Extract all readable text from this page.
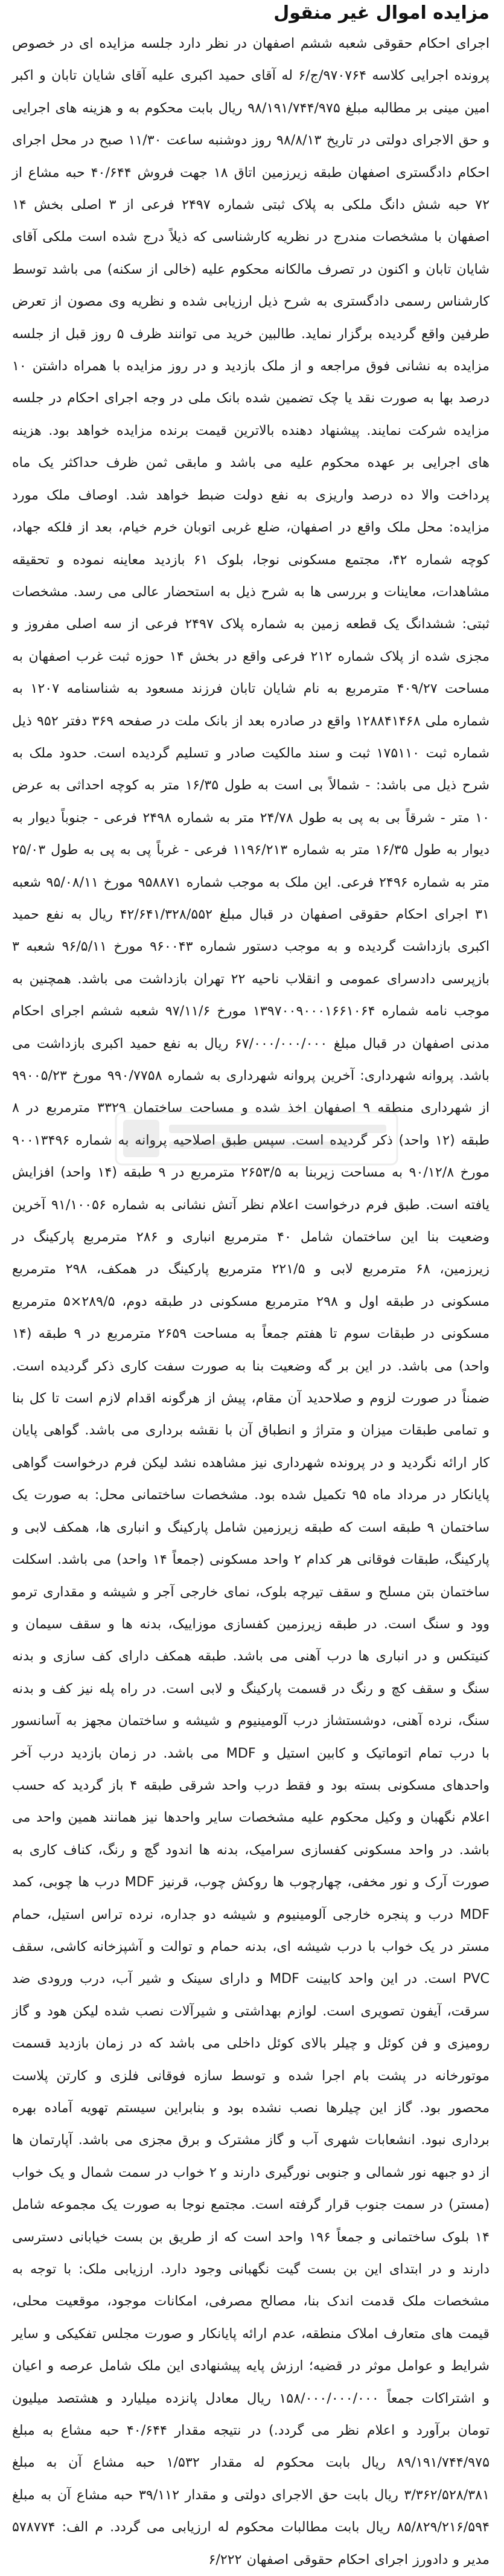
مزایده اموال غیر منقول

اجرای احکام حقوقی شعبه ششم اصفهان در نظر دارد جلسه مزایده ای در خصوص پرونده اجرایی کلاسه ۹۷۰۷۶۴/ج/۶ له آقای حمید اکبری علیه آقای شایان تابان و اکبر امین مینی بر مطالبه مبلغ ۹۸/۱۹۱/۷۴۴/۹۷۵ ریال بابت محکوم به و هزینه های اجرایی و حق الاجرای دولتی در تاریخ ۹۸/۸/۱۳ روز دوشنبه ساعت ۱۱/۳۰ صبح در محل اجرای احکام دادگستری اصفهان طبقه زیرزمین اتاق ۱۸ جهت فروش ۴۰/۶۴۴ حبه مشاع از ۷۲ حبه شش دانگ ملکی به پلاک ثبتی شماره ۲۴۹۷ فرعی از ۳ اصلی بخش ۱۴ اصفهان با مشخصات مندرج در نظریه کارشناسی که ذیلاً درج شده است ملکی آقای شایان تابان و اکنون در تصرف مالکانه محکوم علیه (خالی از سکنه) می باشد توسط کارشناس رسمی دادگستری به شرح ذیل ارزیابی شده و نظریه وی مصون از تعرض طرفین واقع گردیده برگزار نماید. طالبین خرید می توانند ظرف ۵ روز قبل از جلسه مزایده به نشانی فوق مراجعه و از ملک بازدید و در روز مزایده با همراه داشتن ۱۰ درصد بها به صورت نقد یا چک تضمین شده بانک ملی در وجه اجرای احکام در جلسه مزایده شرکت نمایند. پیشنهاد دهنده بالاترین قیمت برنده مزایده خواهد بود. هزینه های اجرایی بر عهده محکوم علیه می باشد و مابقی ثمن ظرف حداکثر یک ماه پرداخت والا ده درصد واریزی به نفع دولت ضبط خواهد شد. اوصاف ملک مورد مزایده: محل ملک واقع در اصفهان، ضلع غربی اتوبان خرم خیام، بعد از فلکه جهاد، کوچه شماره ۴۲، مجتمع مسکونی نوجا، بلوک ۶۱ بازدید معاینه نموده و تحقیقه مشاهدات، معاینات و بررسی ها به شرح ذیل به استحضار عالی می رسد. مشخصات ثبتی: ششدانگ یک قطعه زمین به شماره پلاک ۲۴۹۷ فرعی از سه اصلی مفروز و مجزی شده از پلاک شماره ۲۱۲ فرعی واقع در بخش ۱۴ حوزه ثبت غرب اصفهان به مساحت ۴۰۹/۲۷ مترمربع به نام شایان تابان فرزند مسعود به شناسنامه ۱۲۰۷ به شماره ملی ۱۲۸۸۴۱۴۶۸ واقع در صادره بعد از بانک ملت در صفحه ۳۶۹ دفتر ۹۵۲ ذیل شماره ثبت ۱۷۵۱۱۰ ثبت و سند مالکیت صادر و تسلیم گردیده است. حدود ملک به شرح ذیل می باشد: - شمالاً بی است به طول ۱۶/۳۵ متر به کوچه احداثی به عرض ۱۰ متر - شرقاً بی به پی به طول ۲۴/۷۸ متر به شماره ۲۴۹۸ فرعی - جنوباً دیوار به دیوار به طول ۱۶/۳۵ متر به شماره ۱۱۹۶/۲۱۳ فرعی - غرباً پی به پی به طول ۲۵/۰۳ متر به شماره ۲۴۹۶ فرعی. این ملک به موجب شماره ۹۵۸۸۷۱ مورخ ۹۵/۰۸/۱۱ شعبه ۳۱ اجرای احکام حقوقی اصفهان در قبال مبلغ ۴۲/۶۴۱/۳۲۸/۵۵۲ ریال به نفع حمید اکبری بازداشت گردیده و به موجب دستور شماره ۹۶۰۰۴۳ مورخ ۹۶/۵/۱۱ شعبه ۳ بازپرسی دادسرای عمومی و انقلاب ناحیه ۲۲ تهران بازداشت می باشد. همچنین به موجب نامه شماره ۱۳۹۷۰۰۹۰۰۰۱۶۶۱۰۶۴ مورخ ۹۷/۱۱/۶ شعبه ششم اجرای احکام مدنی اصفهان در قبال مبلغ ۶۷/۰۰۰/۰۰۰/۰۰۰ ریال به نفع حمید اکبری بازداشت می باشد. پروانه شهرداری: آخرین پروانه شهرداری به شماره ۹۹۰/۷۷۵۸ مورخ ۹۹۰۰۵/۲۳ از شهرداری منطقه ۹ اصفهان اخذ شده و مساحت ساختمان ۳۳۲۹ مترمربع در ۸ طبقه (۱۲ واحد) ذکر گردیده است. سپس طبق اصلاحیه پروانه به شماره ۹۰۰۱۳۴۹۶ مورخ ۹۰/۱۲/۸ به مساحت زیربنا به ۲۶۵۳/۵ مترمربع در ۹ طبقه (۱۴ واحد) افزایش یافته است. طبق فرم درخواست اعلام نظر آتش نشانی به شماره ۹۱/۱۰۰۵۶ آخرین وضعیت بنا این ساختمان شامل ۴۰ مترمربع انباری و ۲۸۶ مترمربع پارکینگ در زیرزمین، ۶۸ مترمربع لابی و ۲۲۱/۵ مترمربع پارکینگ در همکف، ۲۹۸ مترمربع مسکونی در طبقه اول و ۲۹۸ مترمربع مسکونی در طبقه دوم، ۲۸۹/۵×۵ مترمربع مسکونی در طبقات سوم تا هفتم جمعاً به مساحت ۲۶۵۹ مترمربع در ۹ طبقه (۱۴ واحد) می باشد. در این بر گه وضعیت بنا به صورت سفت کاری ذکر گردیده است. ضمناً در صورت لزوم و صلاحدید آن مقام، پیش از هرگونه اقدام لازم است تا کل بنا و تمامی طبقات میزان و متراژ و انطباق آن با نقشه برداری می باشد. گواهی پایان کار ارائه نگردید و در پرونده شهرداری نیز مشاهده نشد لیکن فرم درخواست گواهی پایانکار در مرداد ماه ۹۵ تکمیل شده بود. مشخصات ساختمانی محل: به صورت یک ساختمان ۹ طبقه است که طبقه زیرزمین شامل پارکینگ و انباری ها، همکف لابی و پارکینگ، طبقات فوقانی هر کدام ۲ واحد مسکونی (جمعاً ۱۴ واحد) می باشد. اسکلت ساختمان بتن مسلح و سقف تیرچه بلوک، نمای خارجی آجر و شیشه و مقداری ترمو وود و سنگ است. در طبقه زیرزمین کفسازی موزاییک، بدنه ها و سقف سیمان و کنیتکس و در انباری ها درب آهنی می باشد. طبقه همکف دارای کف سازی و بدنه سنگ و سقف کچ و رنگ در قسمت پارکینگ و لابی است. در راه پله نیز کف و بدنه سنگ، نرده آهنی، دوشستشاز درب آلومینیوم و شیشه و ساختمان مجهز به آسانسور با درب تمام اتوماتیک و کابین استیل و MDF می باشد. در زمان بازدید درب آخر واحدهای مسکونی بسته بود و فقط درب واحد شرقی طبقه ۴ باز گردید که حسب اعلام نگهبان و وکیل محکوم علیه مشخصات سایر واحدها نیز همانند همین واحد می باشد. در واحد مسکونی کفسازی سرامیک، بدنه ها اندود گچ و رنگ، کناف کاری به صورت آرک و نور مخفی، چهارچوب ها روکش چوب، قرنیز MDF درب ها چوبی، کمد MDF درب و پنجره خارجی آلومینیوم و شیشه دو جداره، نرده تراس استیل، حمام مستر در یک خواب با درب شیشه ای، بدنه حمام و توالت و آشپزخانه کاشی، سقف PVC است. در این واحد کابینت MDF و دارای سینک و شیر آب، درب ورودی ضد سرقت، آیفون تصویری است. لوازم بهداشتی و شیرآلات نصب شده لیکن هود و گاز رومیزی و فن کوئل و چیلر بالای کوئل داخلی می باشد که در زمان بازدید قسمت موتورخانه در پشت بام اجرا شده و توسط سازه فوقانی فلزی و کارتن پلاست محصور بود. گاز این چیلرها نصب نشده بود و بنابراین سیستم تهویه آماده بهره برداری نبود. انشعابات شهری آب و گاز مشترک و برق مجزی می باشد. آپارتمان ها از دو جبهه نور شمالی و جنوبی نورگیری دارند و ۲ خواب در سمت شمال و یک خواب (مستر) در سمت جنوب قرار گرفته است. مجتمع نوجا به صورت یک مجموعه شامل ۱۴ بلوک ساختمانی و جمعاً ۱۹۶ واحد است که از طریق بن بست خیابانی دسترسی دارند و در ابتدای این بن بست گیت نگهبانی وجود دارد. ارزیابی ملک: با توجه به مشخصات ملک قدمت اندک بنا، مصالح مصرفی، امکانات موجود، موقعیت محلی، قیمت های متعارف املاک منطقه، عدم ارائه پایانکار و صورت مجلس تفکیکی و سایر شرایط و عوامل موثر در قضیه؛ ارزش پایه پیشنهادی این ملک شامل عرصه و اعیان و اشتراکات جمعاً ۱۵۸/۰۰۰/۰۰۰/۰۰۰ ریال معادل پانزده میلیارد و هشتصد میلیون تومان برآورد و اعلام نظر می گردد.) در نتیجه مقدار ۴۰/۶۴۴ حبه مشاع به مبلغ ۸۹/۱۹۱/۷۴۴/۹۷۵ ریال بابت محکوم له مقدار ۱/۵۳۲ حبه مشاع آن به مبلغ ۳/۳۶۲/۵۲۸/۳۸۱ ریال بابت حق الاجرای دولتی و مقدار ۳۹/۱۱۲ حبه مشاع آن به مبلغ ۸۵/۸۲۹/۲۱۶/۵۹۴ ریال بابت مطالبات محکوم له ارزیابی می گردد. م الف: ۵۷۸۷۷۴ مدیر و دادورز اجرای احکام حقوقی اصفهان ۶/۲۲۲
